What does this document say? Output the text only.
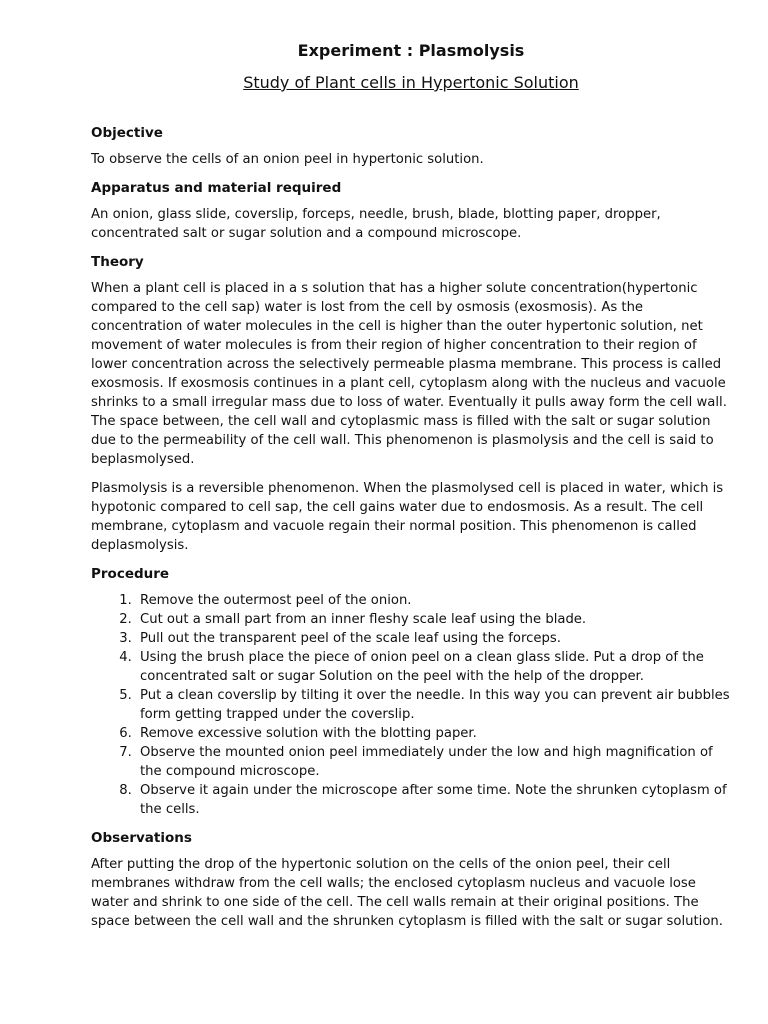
Experiment : Plasmolysis
Study of Plant cells in Hypertonic Solution
Objective
To observe the cells of an onion peel in hypertonic solution.
Apparatus and material required
An onion, glass slide, coverslip, forceps, needle, brush, blade, blotting paper, dropper, concentrated salt or sugar solution and a compound microscope.
Theory
When a plant cell is placed in a s solution that has a higher solute concentration(hypertonic compared to the cell sap) water is lost from the cell by osmosis (exosmosis). As the concentration of water molecules in the cell is higher than the outer hypertonic solution, net movement of water molecules is from their region of higher concentration to their region of lower concentration across the selectively permeable plasma membrane. This process is called exosmosis. If exosmosis continues in a plant cell, cytoplasm along with the nucleus and vacuole shrinks to a small irregular mass due to loss of water. Eventually it pulls away form the cell wall. The space between, the cell wall and cytoplasmic mass is filled with the salt or sugar solution due to the permeability of the cell wall. This phenomenon is plasmolysis and the cell is said to beplasmolysed.
Plasmolysis is a reversible phenomenon. When the plasmolysed cell is placed in water, which is hypotonic compared to cell sap, the cell gains water due to endosmosis. As a result. The cell membrane, cytoplasm and vacuole regain their normal position. This phenomenon is called deplasmolysis.
Procedure
1. Remove the outermost peel of the onion.
2. Cut out a small part from an inner fleshy scale leaf using the blade.
3. Pull out the transparent peel of the scale leaf using the forceps.
4. Using the brush place the piece of onion peel on a clean glass slide. Put a drop of the concentrated salt or sugar Solution on the peel with the help of the dropper.
5. Put a clean coverslip by tilting it over the needle. In this way you can prevent air bubbles form getting trapped under the coverslip.
6. Remove excessive solution with the blotting paper.
7. Observe the mounted onion peel immediately under the low and high magnification of the compound microscope.
8. Observe it again under the microscope after some time. Note the shrunken cytoplasm of the cells.
Observations
After putting the drop of the hypertonic solution on the cells of the onion peel, their cell membranes withdraw from the cell walls; the enclosed cytoplasm nucleus and vacuole lose water and shrink to one side of the cell. The cell walls remain at their original positions. The space between the cell wall and the shrunken cytoplasm is filled with the salt or sugar solution.
